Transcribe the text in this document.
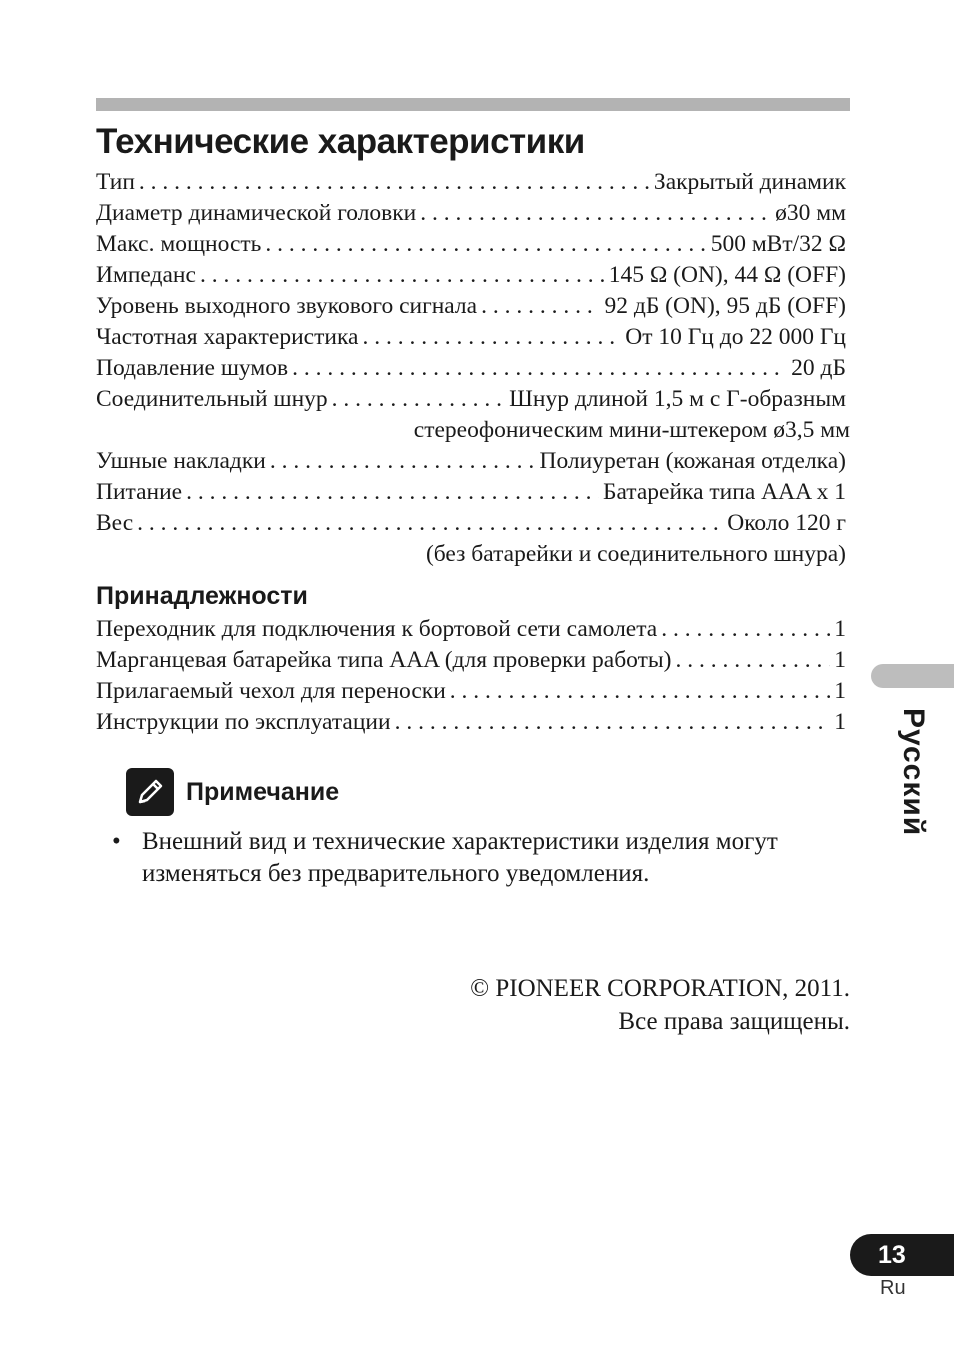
Технические характеристики
Тип . . .	Закрытый динамик
Диаметр динамической головки . . .	ø30 мм
Макс. мощность . . .	500 мВт/32 Ω
Импеданс . . .	145 Ω (ON), 44 Ω (OFF)
Уровень выходного звукового сигнала . . .	92 дБ (ON), 95 дБ (OFF)
Частотная характеристика . . .	От 10 Гц до 22 000 Гц
Подавление шумов . . .	20 дБ
Соединительный шнур . . .	Шнур длиной 1,5 м с Г-образным
стереофоническим мини-штекером ø3,5 мм
Ушные накладки . . .	Полиуретан (кожаная отделка)
Питание . . .	Батарейка типа AAA x 1
Вес . . .	Около 120 г
(без батарейки и соединительного шнура)
Принадлежности
Переходник для подключения к бортовой сети самолета . . .	1
Марганцевая батарейка типа AAA (для проверки работы) . . .	1
Прилагаемый чехол для переноски . . .	1
Инструкции по эксплуатации . . .	1
Примечание
• Внешний вид и технические характеристики изделия могут изменяться без предварительного уведомления.
© PIONEER CORPORATION, 2011.
Все права защищены.
Русский
13
Ru
